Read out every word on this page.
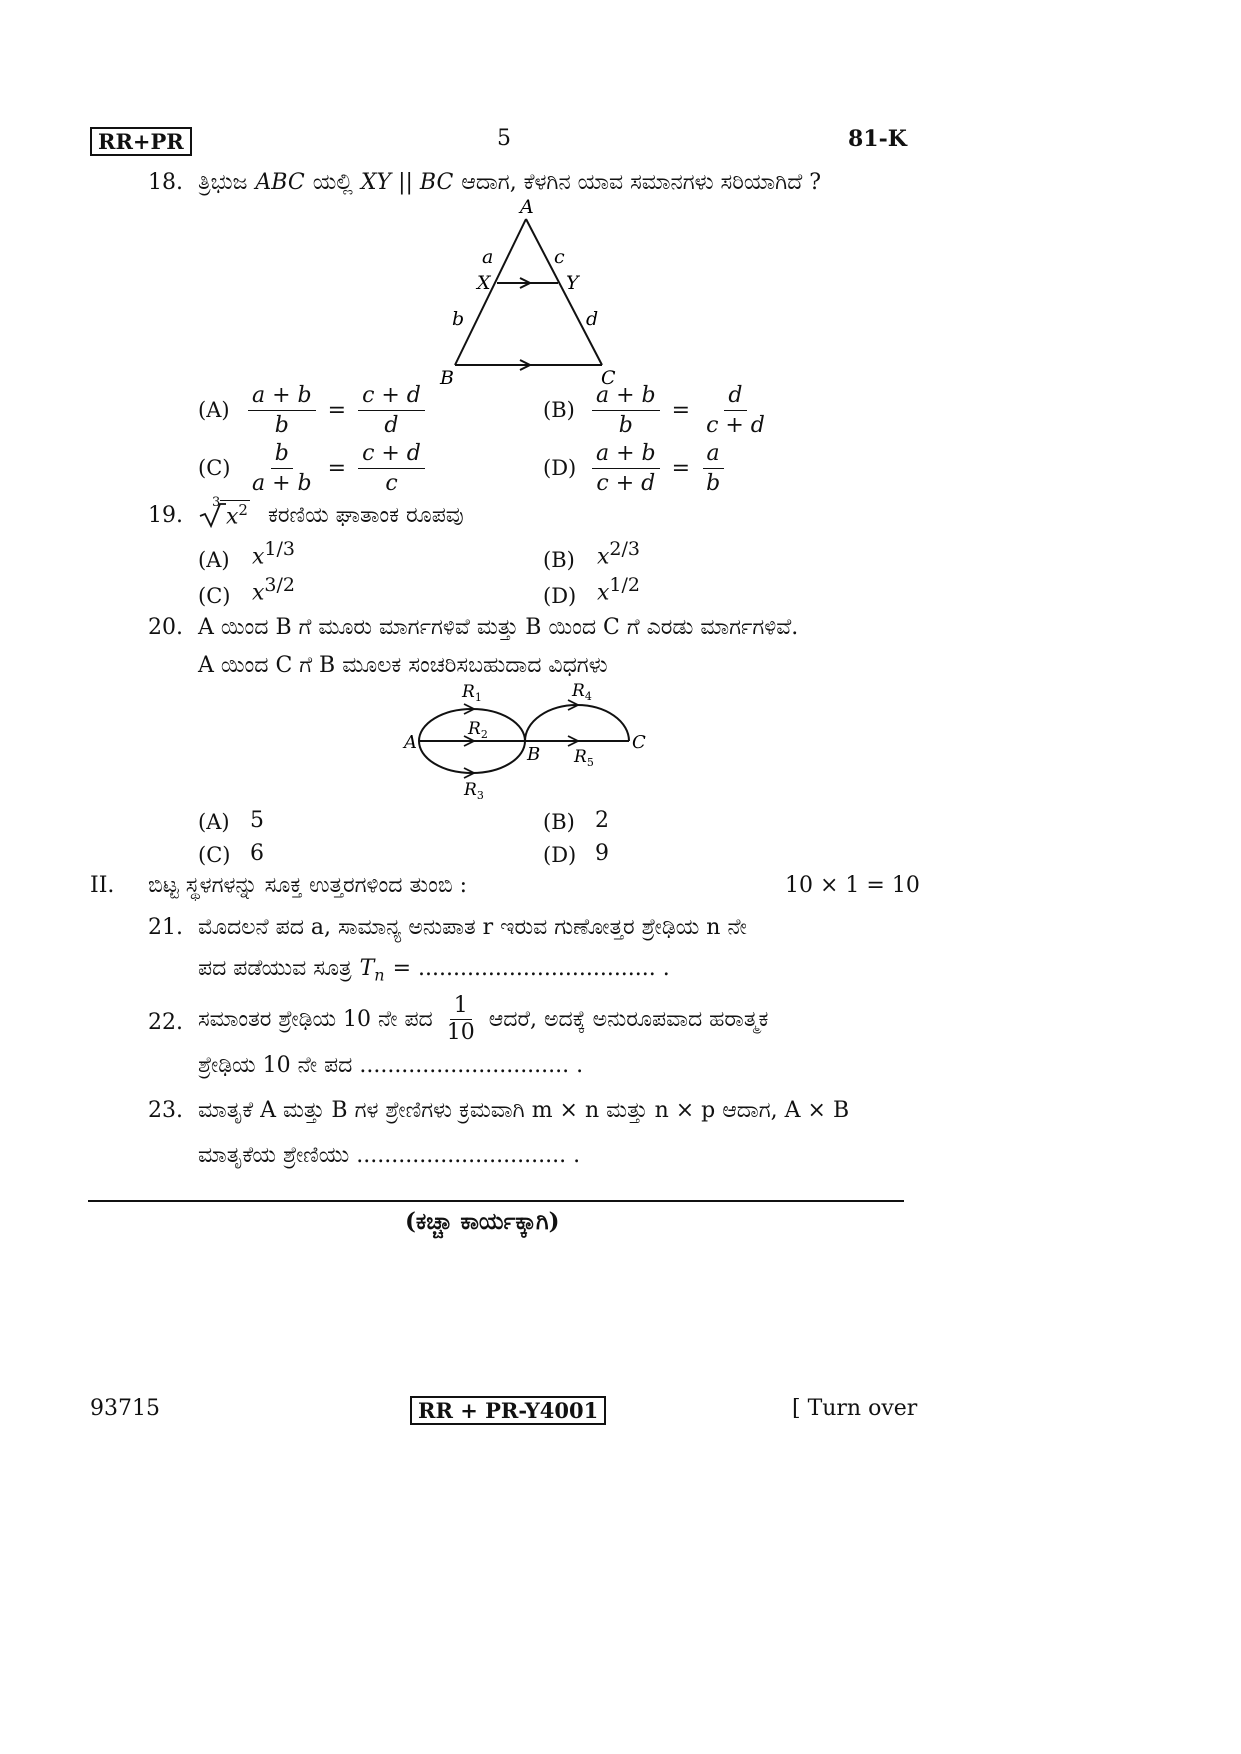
RR+PR	5	81-K
18. ತ್ರಿಭುಜ ABC ಯಲ್ಲಿ XY || BC ಆದಾಗ, ಕೆಳಗಿನ ಯಾವ ಸಮಾನಗಳು ಸರಿಯಾಗಿದೆ ?
A
B	C
X	Y
a	c
b	d
$(A) \frac{a + b}{b} = \frac{c + d}{d}$	$(B) \frac{a + b}{b} = \frac{d}{c + d}$
$(C) \frac{b}{a + b} = \frac{c + d}{c}$	$(D) \frac{a + b}{c + d} = \frac{a}{b}$
19.
3
$x^2$ ಕರಣಿಯ ಘಾತಾಂಕ ರೂಪವು
(A) $x^{1/3}$	(B) $x^{2/3}$
(C) $x^{3/2}$	(D) $x^{1/2}$
20. A ಯಿಂದ B ಗೆ ಮೂರು ಮಾರ್ಗಗಳಿವೆ ಮತ್ತು B ಯಿಂದ C ಗೆ ಎರಡು ಮಾರ್ಗಗಳಿವೆ.
A ಯಿಂದ C ಗೆ B ಮೂಲಕ ಸಂಚರಿಸಬಹುದಾದ ವಿಧಗಳು
A
B
C
$R_1$
$R_2$
$R_3$
$R_4$
$R_5$
(A) 5	(B) 2
(C) 6	(D) 9
II. ಬಿಟ್ಟ ಸ್ಥಳಗಳನ್ನು ಸೂಕ್ತ ಉತ್ತರಗಳಿಂದ ತುಂಬಿ :	10 × 1 = 10
21. ಮೊದಲನೆ ಪದ a, ಸಾಮಾನ್ಯ ಅನುಪಾತ r ಇರುವ ಗುಣೋತ್ತರ ಶ್ರೇಢಿಯ n ನೇ
ಪದ ಪಡೆಯುವ ಸೂತ್ರ $T_n$ = .................................. .
22. ಸಮಾಂತರ ಶ್ರೇಢಿಯ 10 ನೇ ಪದ $\frac{1}{10}$ ಆದರೆ, ಅದಕ್ಕೆ ಅನುರೂಪವಾದ ಹರಾತ್ಮಕ
ಶ್ರೇಢಿಯ 10 ನೇ ಪದ .............................. .
23. ಮಾತೃಕೆ A ಮತ್ತು B ಗಳ ಶ್ರೇಣಿಗಳು ಕ್ರಮವಾಗಿ m × n ಮತ್ತು n × p ಆದಾಗ, A × B
ಮಾತೃಕೆಯ ಶ್ರೇಣಿಯು .............................. .
(ಕಚ್ಚಾ ಕಾರ್ಯಕ್ಕಾಗಿ)
93715	RR + PR-Y4001	[ Turn over
